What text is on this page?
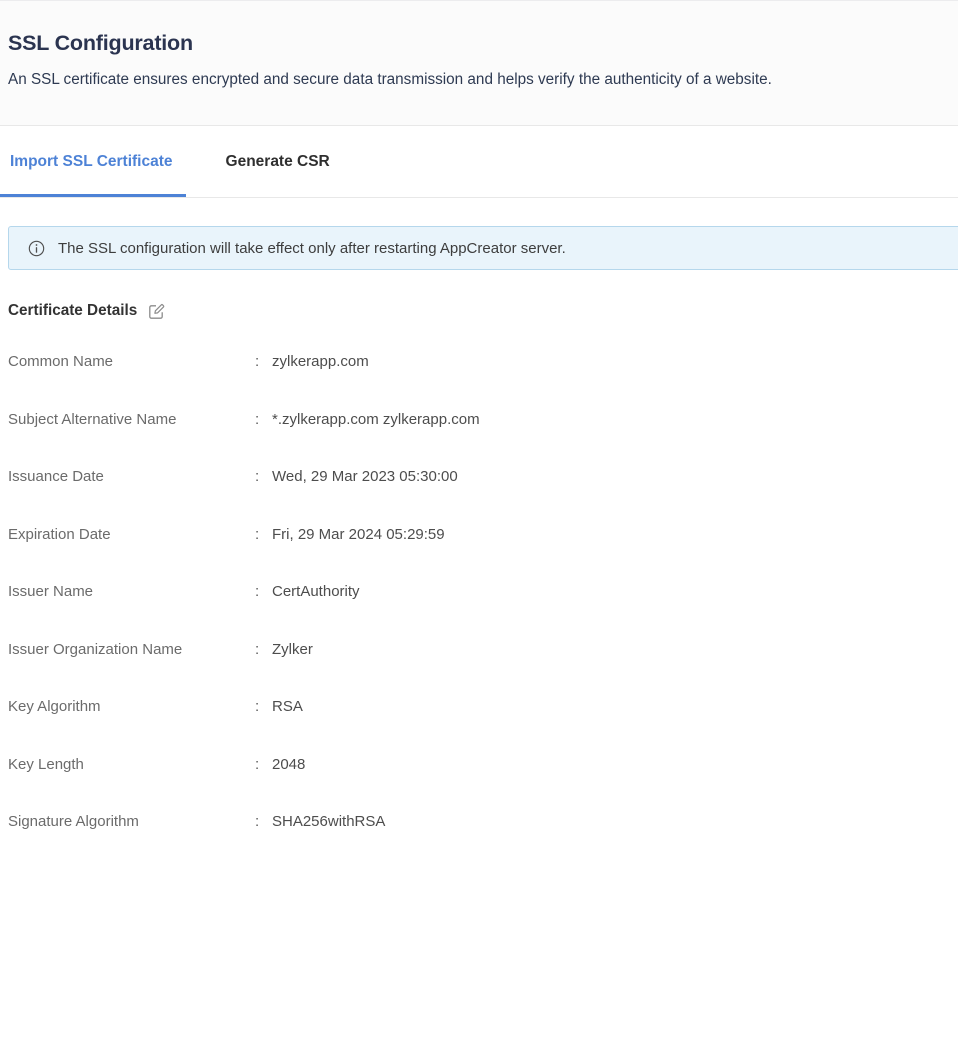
SSL Configuration
An SSL certificate ensures encrypted and secure data transmission and helps verify the authenticity of a website.
Import SSL Certificate	Generate CSR
The SSL configuration will take effect only after restarting AppCreator server.
Certificate Details
Common Name	: zylkerapp.com
Subject Alternative Name	: *.zylkerapp.com zylkerapp.com
Issuance Date	: Wed, 29 Mar 2023 05:30:00
Expiration Date	: Fri, 29 Mar 2024 05:29:59
Issuer Name	: CertAuthority
Issuer Organization Name	: Zylker
Key Algorithm	: RSA
Key Length	: 2048
Signature Algorithm	: SHA256withRSA
